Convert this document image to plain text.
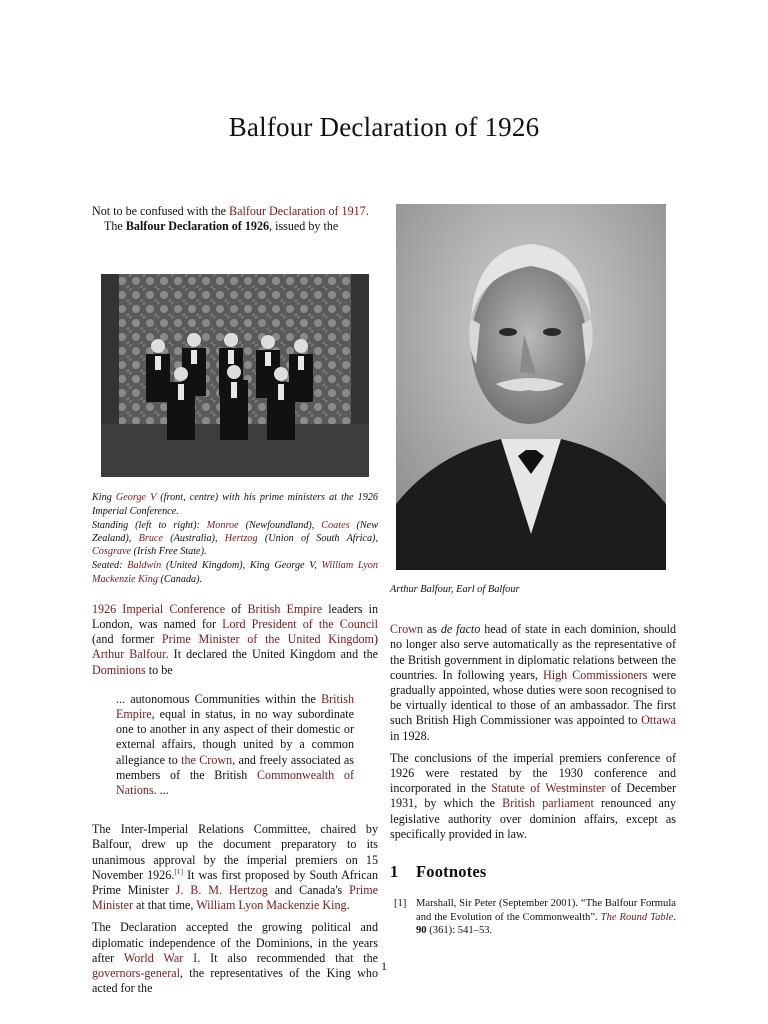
Balfour Declaration of 1926

Not to be confused with the Balfour Declaration of 1917.

The Balfour Declaration of 1926, issued by the

King George V (front, centre) with his prime ministers at the 1926 Imperial Conference.

Standing (left to right): Monroe (Newfoundland), Coates (New Zealand), Bruce (Australia), Hertzog (Union of South Africa), Cosgrave (Irish Free State).

Seated: Baldwin (United Kingdom), King George V, William Lyon Mackenzie King (Canada).

1926 Imperial Conference of British Empire leaders in London, was named for Lord President of the Council (and former Prime Minister of the United Kingdom) Arthur Balfour. It declared the United Kingdom and the Dominions to be

... autonomous Communities within the British Empire, equal in status, in no way subordinate one to another in any aspect of their domestic or external affairs, though united by a common allegiance to the Crown, and freely associated as members of the British Commonwealth of Nations. ...

The Inter-Imperial Relations Committee, chaired by Balfour, drew up the document preparatory to its unanimous approval by the imperial premiers on 15 November 1926.[1] It was first proposed by South African Prime Minister J. B. M. Hertzog and Canada's Prime Minister at that time, William Lyon Mackenzie King.

The Declaration accepted the growing political and diplomatic independence of the Dominions, in the years after World War I. It also recommended that the governors-general, the representatives of the King who acted for the

Arthur Balfour, Earl of Balfour

Crown as de facto head of state in each dominion, should no longer also serve automatically as the representative of the British government in diplomatic relations between the countries. In following years, High Commissioners were gradually appointed, whose duties were soon recognised to be virtually identical to those of an ambassador. The first such British High Commissioner was appointed to Ottawa in 1928.

The conclusions of the imperial premiers conference of 1926 were restated by the 1930 conference and incorporated in the Statute of Westminster of December 1931, by which the British parliament renounced any legislative authority over dominion affairs, except as specifically provided in law.

1 Footnotes
[1] Marshall, Sir Peter (September 2001). “The Balfour Formula and the Evolution of the Commonwealth”. The Round Table. 90 (361): 541–53.
1
